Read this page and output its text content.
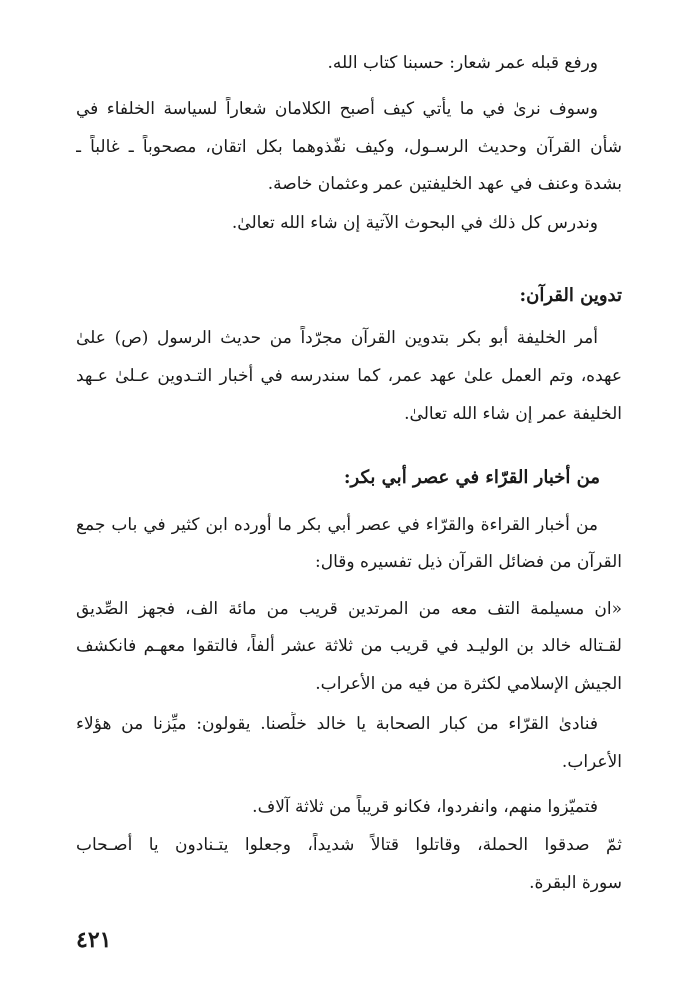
ورفع قبله عمر شعار: حسبنا كتاب الله.
وسوف نرىٰ في ما يأتي كيف أصبح الكلامان شعاراً لسياسة الخلفاء في
شأن القرآن وحديث الرسـول، وكيف نفّذوهما بكل اتقان، مصحوباً ـ غالباً ـ
بشدة وعنف في عهد الخليفتين عمر وعثمان خاصة.
وندرس كل ذلك في البحوث الآتية إن شاء الله تعالىٰ.
تدوين القرآن:
أمر الخليفة أبو بكر بتدوين القرآن مجرّداً من حديث الرسول (ص) علىٰ
عهده، وتم العمل علىٰ عهد عمر، كما سندرسه في أخبار التـدوين عـلىٰ عـهد
الخليفة عمر إن شاء الله تعالىٰ.
من أخبار القرّاء في عصر أبي بكر:
من أخبار القراءة والقرّاء في عصر أبي بكر ما أورده ابن كثير في باب جمع
القرآن من فضائل القرآن ذيل تفسيره وقال:
«ان مسيلمة التف معه من المرتدين قريب من مائة الف، فجهز الصِّديق
لقـتاله خالد بن الوليـد في قريب من ثلاثة عشر ألفاً، فالتقوا معهـم فانكشف
الجيش الإسلامي لكثرة من فيه من الأعراب.
فنادىٰ القرّاء من كبار الصحابة يا خالد خلِّصنا. يقولون: ميِّزنا من هؤلاء
الأعراب.
فتميّزوا منهم، وانفردوا، فكانو قريباً من ثلاثة آلاف.
ثمّ صدقوا الحملة، وقاتلوا قتالاً شديداً، وجعلوا يتـنادون يا أصـحاب
سورة البقرة.
٤٢١
